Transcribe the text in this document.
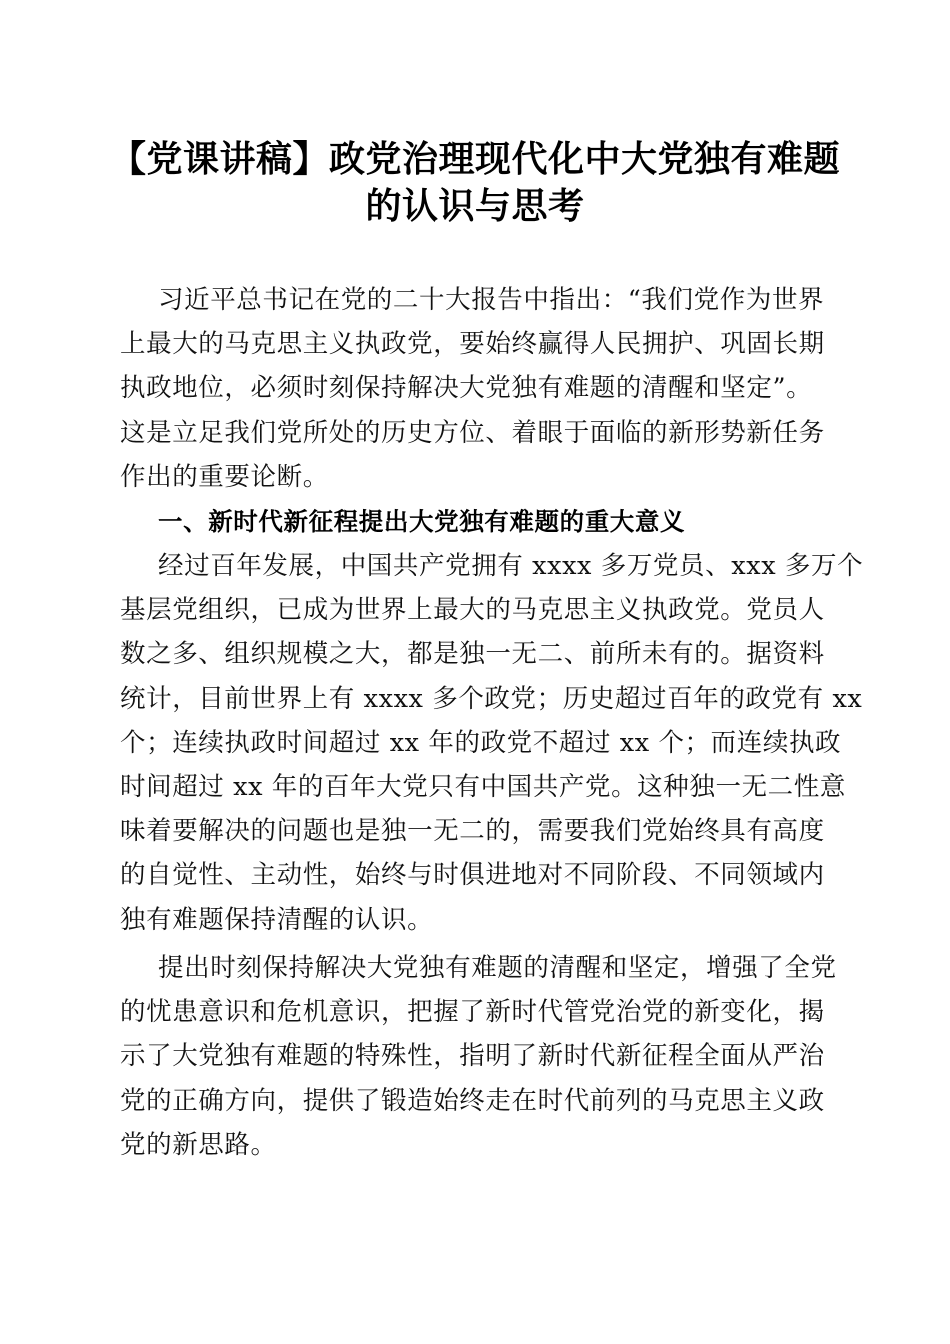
【党课讲稿】政党治理现代化中大党独有难题
的认识与思考
习近平总书记在党的二十大报告中指出：“我们党作为世界
上最大的马克思主义执政党，要始终赢得人民拥护、巩固长期
执政地位，必须时刻保持解决大党独有难题的清醒和坚定”。
这是立足我们党所处的历史方位、着眼于面临的新形势新任务
作出的重要论断。
一、新时代新征程提出大党独有难题的重大意义
经过百年发展，中国共产党拥有 xxxx 多万党员、xxx 多万个
基层党组织，已成为世界上最大的马克思主义执政党。党员人
数之多、组织规模之大，都是独一无二、前所未有的。据资料
统计，目前世界上有 xxxx 多个政党；历史超过百年的政党有 xx
个；连续执政时间超过 xx 年的政党不超过 xx 个；而连续执政
时间超过 xx 年的百年大党只有中国共产党。这种独一无二性意
味着要解决的问题也是独一无二的，需要我们党始终具有高度
的自觉性、主动性，始终与时俱进地对不同阶段、不同领域内
独有难题保持清醒的认识。
提出时刻保持解决大党独有难题的清醒和坚定，增强了全党
的忧患意识和危机意识，把握了新时代管党治党的新变化，揭
示了大党独有难题的特殊性，指明了新时代新征程全面从严治
党的正确方向，提供了锻造始终走在时代前列的马克思主义政
党的新思路。
